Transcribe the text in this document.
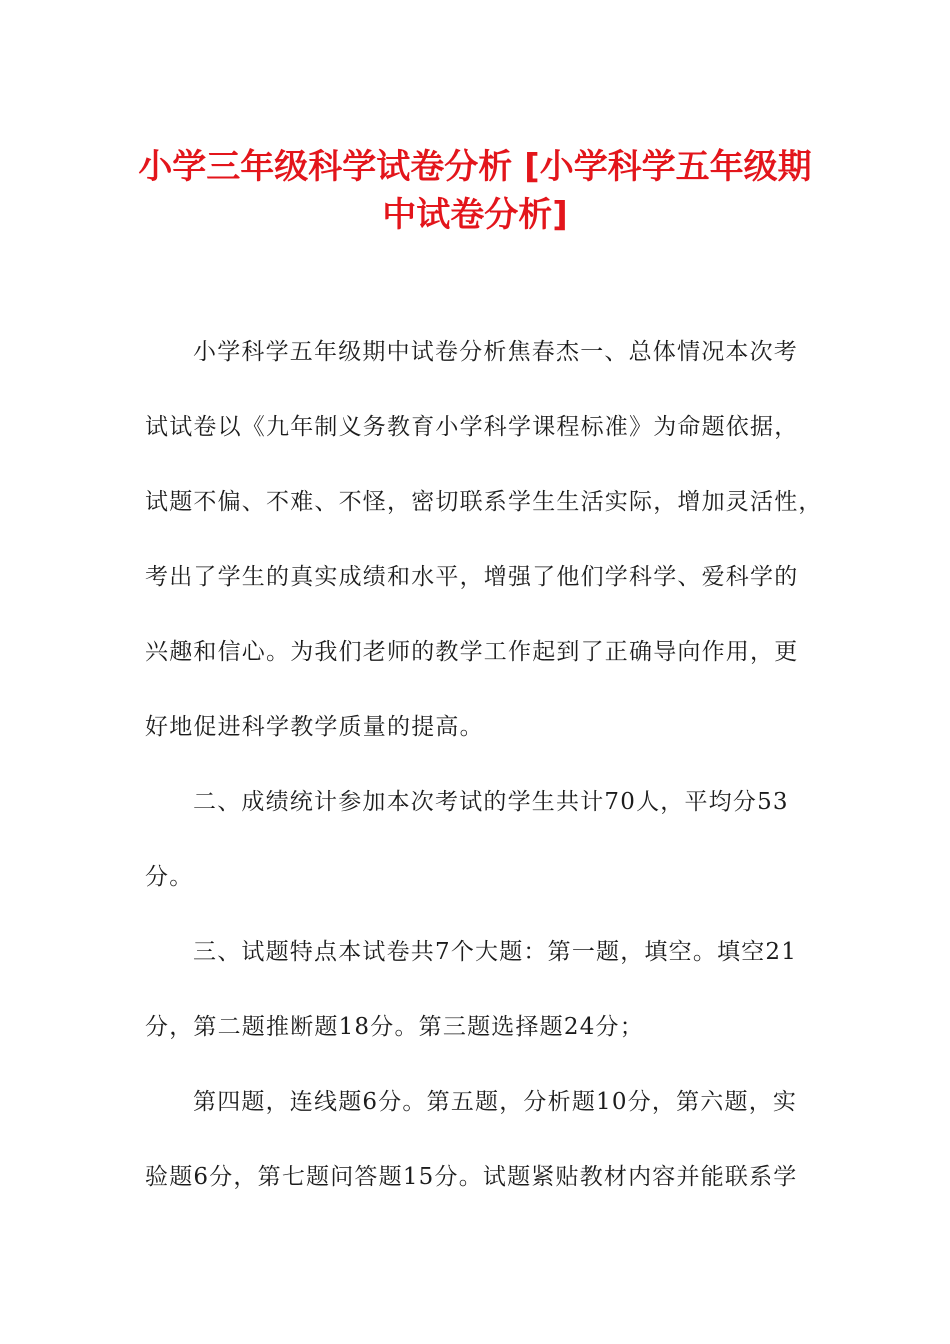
小学三年级科学试卷分析 [小学科学五年级期
中试卷分析]
小学科学五年级期中试卷分析焦春杰一、总体情况本次考
试试卷以《九年制义务教育小学科学课程标准》为命题依据，
试题不偏、不难、不怪，密切联系学生生活实际，增加灵活性，
考出了学生的真实成绩和水平，增强了他们学科学、爱科学的
兴趣和信心。为我们老师的教学工作起到了正确导向作用，更
好地促进科学教学质量的提高。
二、成绩统计参加本次考试的学生共计70人，平均分53
分。
三、试题特点本试卷共7个大题：第一题，填空。填空21
分，第二题推断题18分。第三题选择题24分；
第四题，连线题6分。第五题，分析题10分，第六题，实
验题6分，第七题问答题15分。试题紧贴教材内容并能联系学
